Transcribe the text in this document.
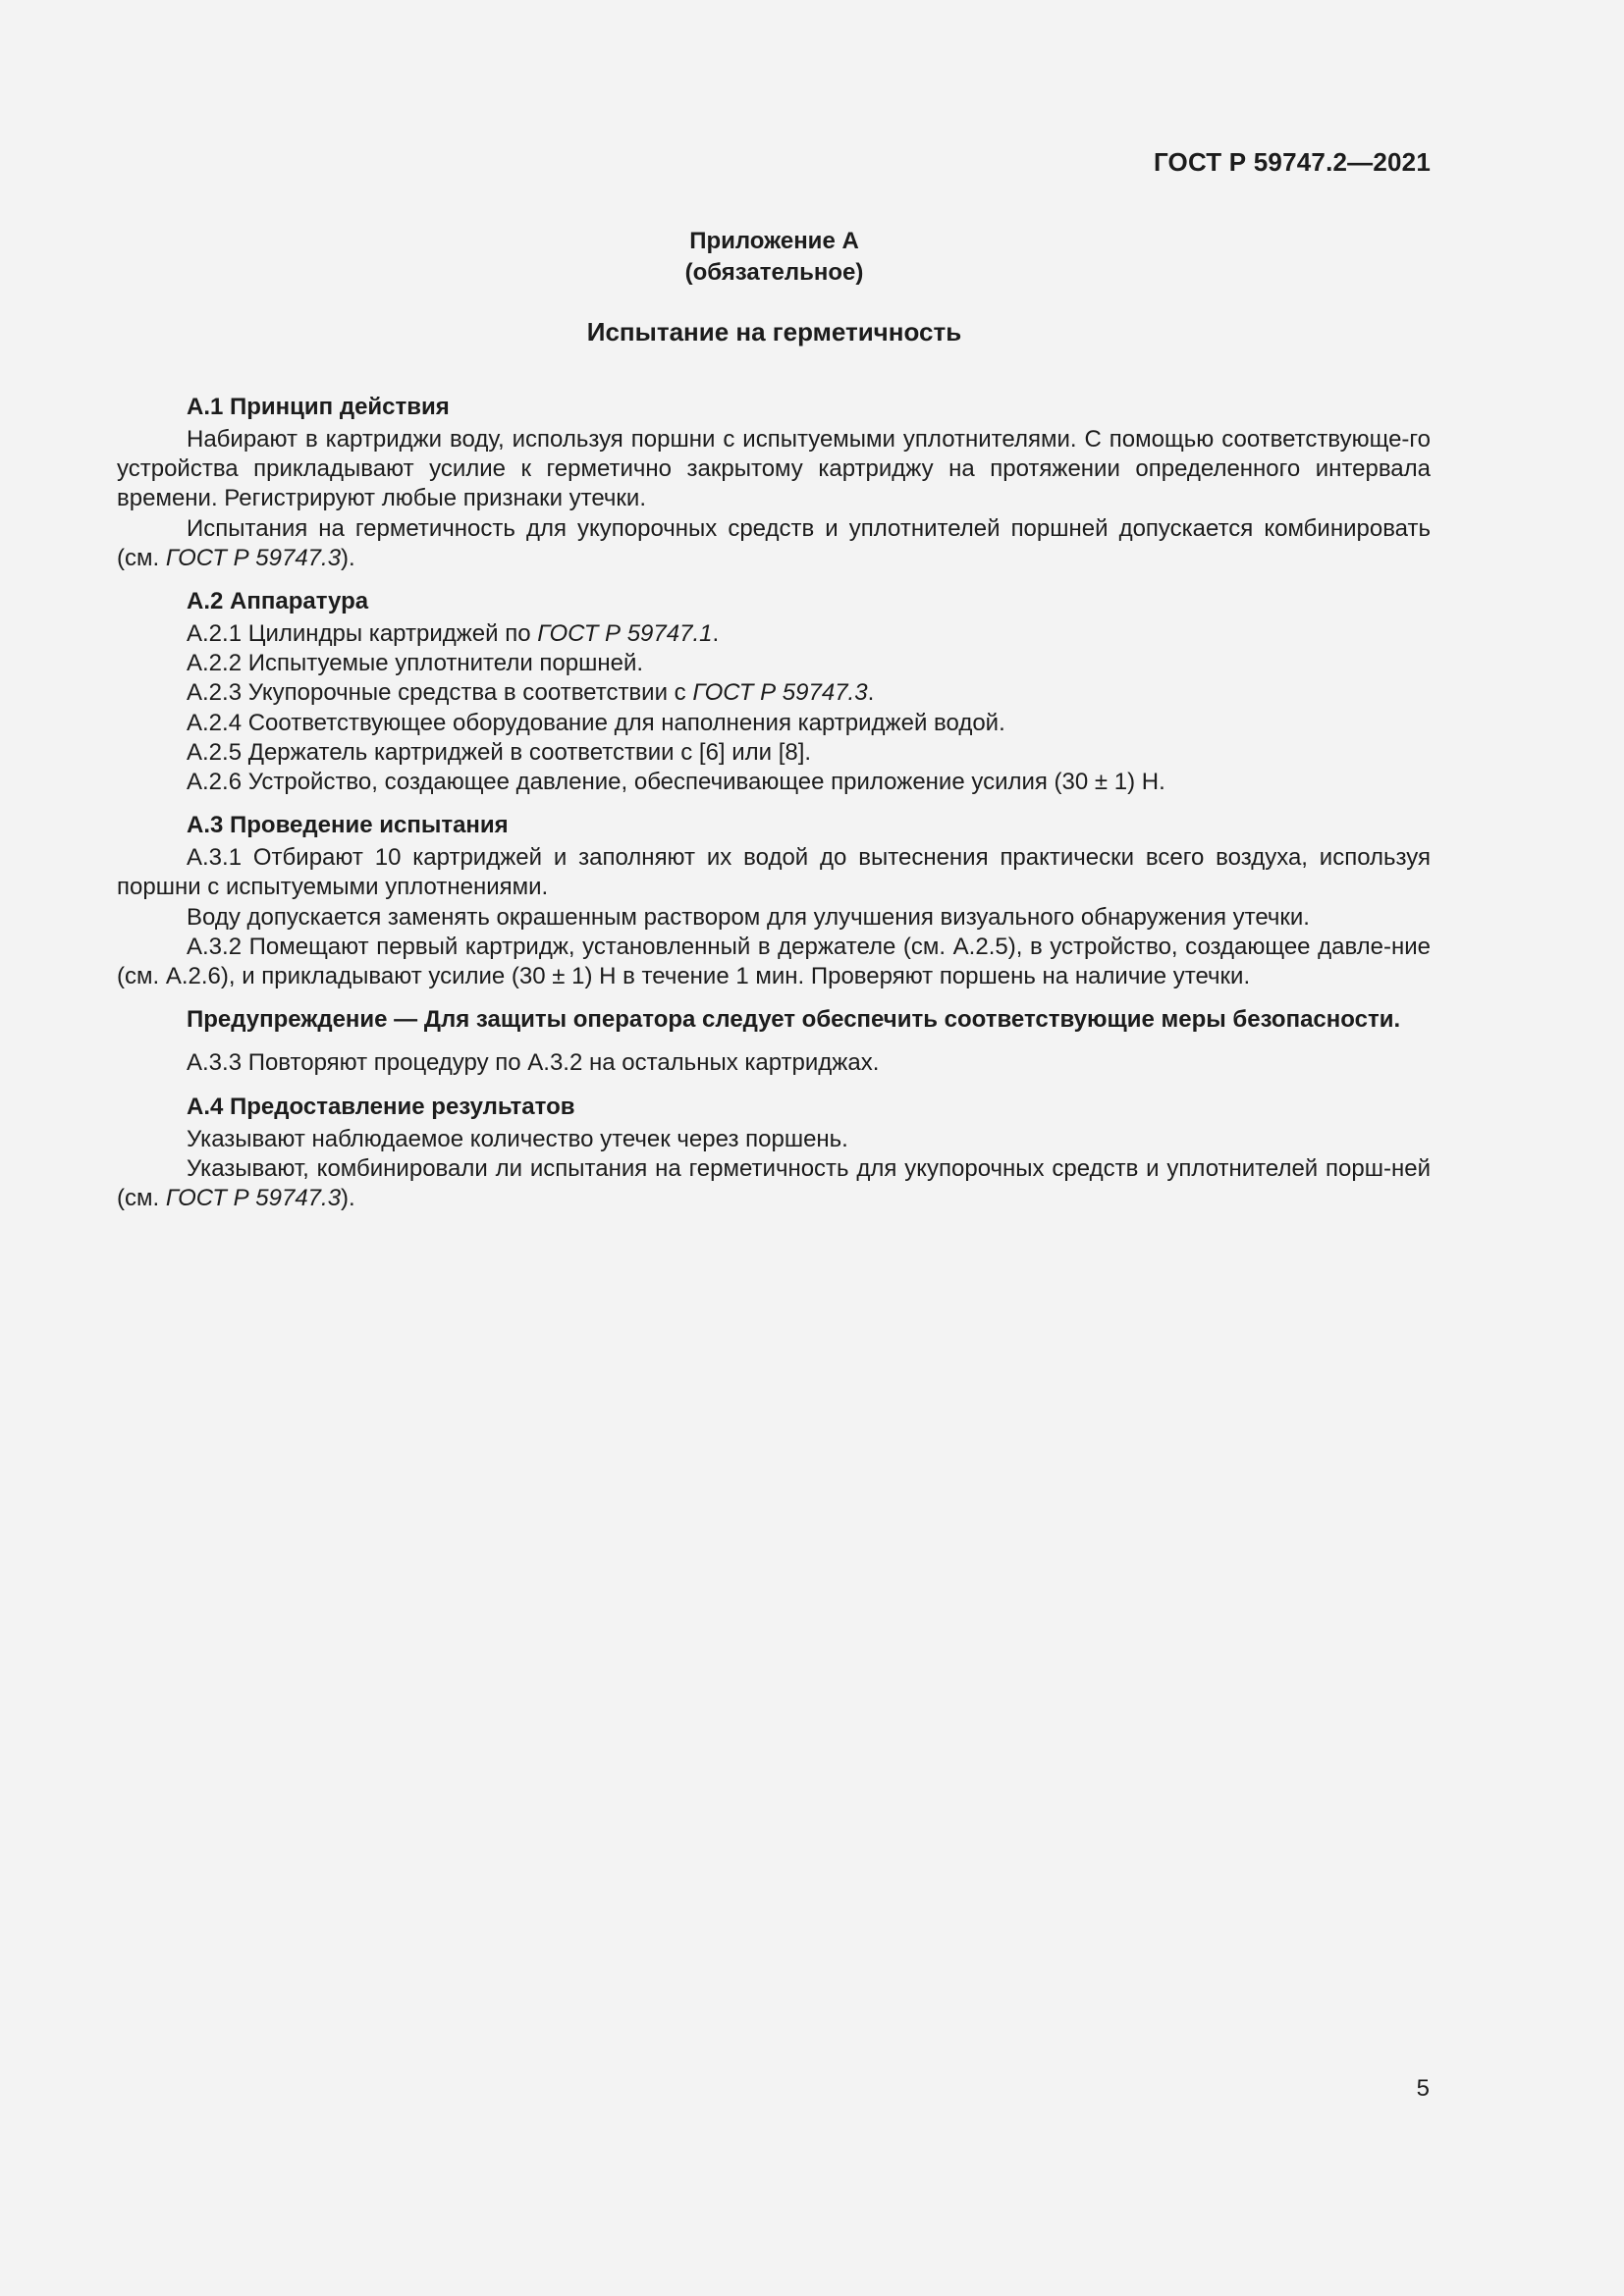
ГОСТ Р 59747.2—2021
Приложение А
(обязательное)
Испытание на герметичность
А.1 Принцип действия

Набирают в картриджи воду, используя поршни с испытуемыми уплотнителями. С помощью соответствующе-го устройства прикладывают усилие к герметично закрытому картриджу на протяжении определенного интервала времени. Регистрируют любые признаки утечки.

Испытания на герметичность для укупорочных средств и уплотнителей поршней допускается комбинировать (см. ГОСТ Р 59747.3).

А.2 Аппаратура

А.2.1 Цилиндры картриджей по ГОСТ Р 59747.1.

А.2.2 Испытуемые уплотнители поршней.

А.2.3 Укупорочные средства в соответствии с ГОСТ Р 59747.3.

А.2.4 Соответствующее оборудование для наполнения картриджей водой.

А.2.5 Держатель картриджей в соответствии с [6] или [8].

А.2.6 Устройство, создающее давление, обеспечивающее приложение усилия (30 ± 1) Н.

А.3 Проведение испытания

А.3.1 Отбирают 10 картриджей и заполняют их водой до вытеснения практически всего воздуха, используя поршни с испытуемыми уплотнениями.

Воду допускается заменять окрашенным раствором для улучшения визуального обнаружения утечки.

А.3.2 Помещают первый картридж, установленный в держателе (см. А.2.5), в устройство, создающее давле-ние (см. А.2.6), и прикладывают усилие (30 ± 1) Н в течение 1 мин. Проверяют поршень на наличие утечки.

Предупреждение — Для защиты оператора следует обеспечить соответствующие меры безопасности.

А.3.3 Повторяют процедуру по А.3.2 на остальных картриджах.

А.4 Предоставление результатов

Указывают наблюдаемое количество утечек через поршень.

Указывают, комбинировали ли испытания на герметичность для укупорочных средств и уплотнителей порш-ней (см. ГОСТ Р 59747.3).

5
